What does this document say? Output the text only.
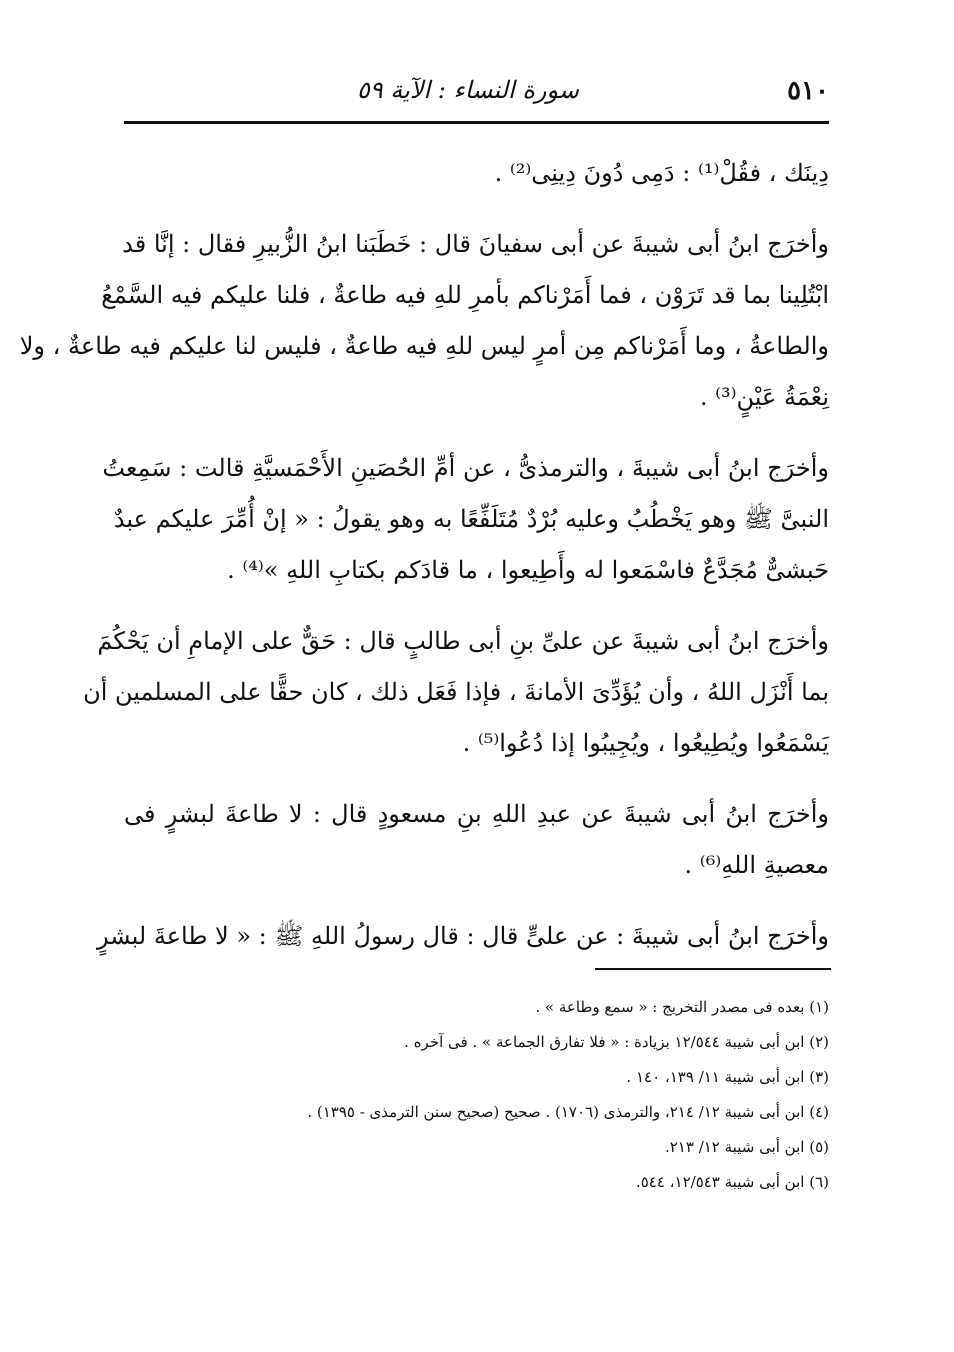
٥١٠
سورة النساء : الآية ٥٩
دِينَك ، فقُلْ⁽¹⁾ : دَمِى دُونَ دِينِى⁽²⁾ .
وأخرَج ابنُ أبى شيبةَ عن أبى سفيانَ قال : خَطَبَنا ابنُ الزُّبيرِ فقال : إنَّا قد
ابْتُلِينا بما قد تَرَوْن ، فما أَمَرْناكم بأمرِ للهِ فيه طاعةٌ ، فلنا عليكم فيه السَّمْعُ
والطاعةُ ، وما أَمَرْناكم مِن أمرٍ ليس للهِ فيه طاعةٌ ، فليس لنا عليكم فيه طاعةٌ ، ولا
نِعْمَةُ عَيْنٍ⁽³⁾ .
وأخرَج ابنُ أبى شيبةَ ، والترمذىُّ ، عن أمِّ الحُصَينِ الأَحْمَسيَّةِ قالت : سَمِعتُ
النبىَّ ﷺ وهو يَخْطُبُ وعليه بُرْدٌ مُتَلَفِّعًا به وهو يقولُ : « إنْ أُمِّرَ عليكم عبدٌ
حَبشىٌّ مُجَدَّعٌ فاسْمَعوا له وأَطِيعوا ، ما قادَكم بكتابِ اللهِ »⁽⁴⁾ .
وأخرَج ابنُ أبى شيبةَ عن علىِّ بنِ أبى طالبٍ قال : حَقٌّ على الإمامِ أن يَحْكُمَ
بما أَنْزَل اللهُ ، وأن يُؤَدِّىَ الأمانةَ ، فإذا فَعَل ذلك ، كان حقًّا على المسلمين أن
يَسْمَعُوا ويُطِيعُوا ، ويُجِيبُوا إذا دُعُوا⁽⁵⁾ .
وأخرَج ابنُ أبى شيبةَ عن عبدِ اللهِ بنِ مسعودٍ قال : لا طاعةَ لبشرٍ فى
معصيةِ اللهِ⁽⁶⁾ .
وأخرَج ابنُ أبى شيبةَ : عن علىٍّ قال : قال رسولُ اللهِ ﷺ : « لا طاعةَ لبشرٍ
(١) بعده فى مصدر التخريج : « سمع وطاعة » .
(٢) ابن أبى شيبة ١٢/٥٤٤ بزيادة : « فلا تفارق الجماعة » . فى آخره .
(٣) ابن أبى شيبة ١١/ ١٣٩، ١٤٠ .
(٤) ابن أبى شيبة ١٢/ ٢١٤، والترمذى (١٧٠٦) . صحيح (صحيح سنن الترمذى - ١٣٩٥) .
(٥) ابن أبى شيبة ١٢/ ٢١٣.
(٦) ابن أبى شيبة ١٢/٥٤٣، ٥٤٤.
